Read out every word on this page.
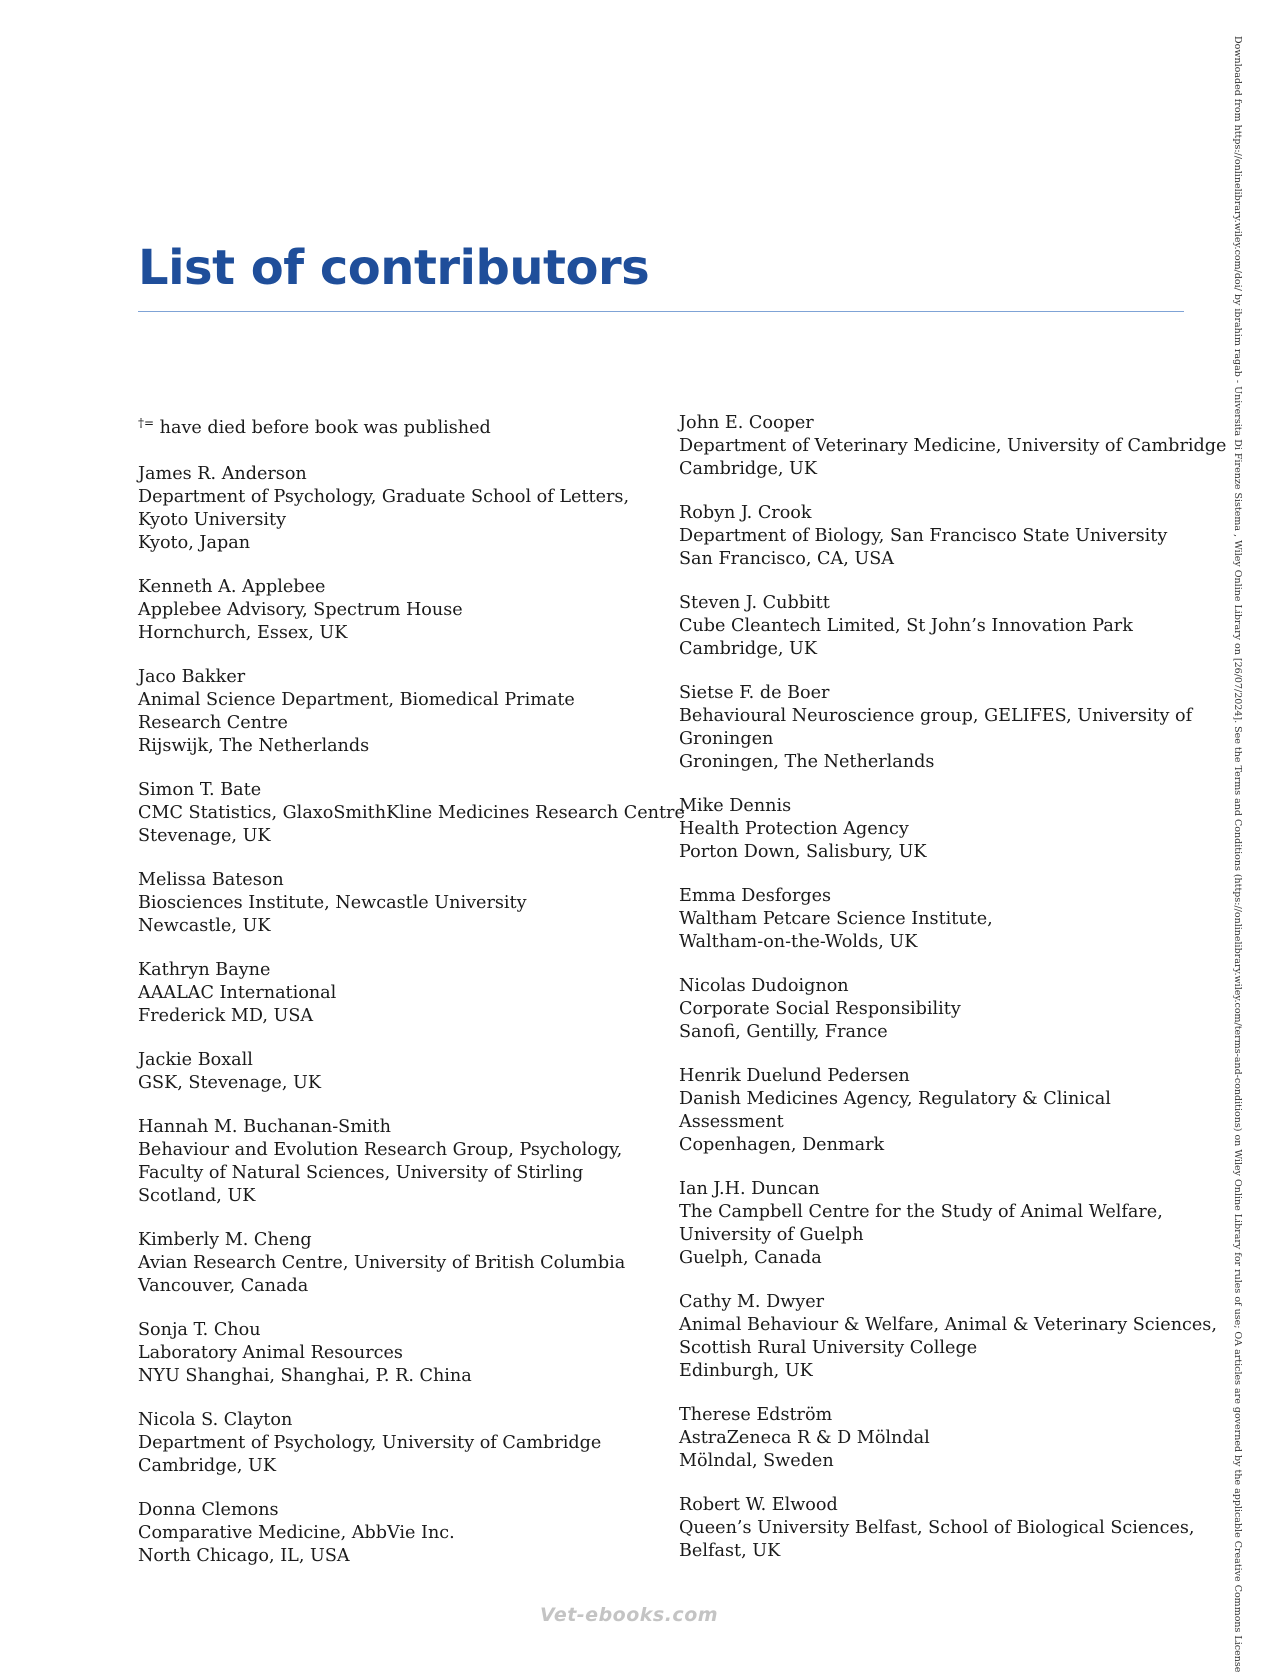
List of contributors
†= have died before book was published
James R. Anderson
Department of Psychology, Graduate School of Letters,
Kyoto University
Kyoto, Japan
Kenneth A. Applebee
Applebee Advisory, Spectrum House
Hornchurch, Essex, UK
Jaco Bakker
Animal Science Department, Biomedical Primate
Research Centre
Rijswijk, The Netherlands
Simon T. Bate
CMC Statistics, GlaxoSmithKline Medicines Research Centre
Stevenage, UK
Melissa Bateson
Biosciences Institute, Newcastle University
Newcastle, UK
Kathryn Bayne
AAALAC International
Frederick MD, USA
Jackie Boxall
GSK, Stevenage, UK
Hannah M. Buchanan-Smith
Behaviour and Evolution Research Group, Psychology,
Faculty of Natural Sciences, University of Stirling
Scotland, UK
Kimberly M. Cheng
Avian Research Centre, University of British Columbia
Vancouver, Canada
Sonja T. Chou
Laboratory Animal Resources
NYU Shanghai, Shanghai, P. R. China
Nicola S. Clayton
Department of Psychology, University of Cambridge
Cambridge, UK
Donna Clemons
Comparative Medicine, AbbVie Inc.
North Chicago, IL, USA
John E. Cooper
Department of Veterinary Medicine, University of Cambridge
Cambridge, UK
Robyn J. Crook
Department of Biology, San Francisco State University
San Francisco, CA, USA
Steven J. Cubbitt
Cube Cleantech Limited, St John’s Innovation Park
Cambridge, UK
Sietse F. de Boer
Behavioural Neuroscience group, GELIFES, University of
Groningen
Groningen, The Netherlands
Mike Dennis
Health Protection Agency
Porton Down, Salisbury, UK
Emma Desforges
Waltham Petcare Science Institute,
Waltham-on-the-Wolds, UK
Nicolas Dudoignon
Corporate Social Responsibility
Sanofi, Gentilly, France
Henrik Duelund Pedersen
Danish Medicines Agency, Regulatory & Clinical
Assessment
Copenhagen, Denmark
Ian J.H. Duncan
The Campbell Centre for the Study of Animal Welfare,
University of Guelph
Guelph, Canada
Cathy M. Dwyer
Animal Behaviour & Welfare, Animal & Veterinary Sciences,
Scottish Rural University College
Edinburgh, UK
Therese Edström
AstraZeneca R & D Mölndal
Mölndal, Sweden
Robert W. Elwood
Queen’s University Belfast, School of Biological Sciences,
Belfast, UK	Downloaded from https://onlinelibrary.wiley.com/doi/ by ibrahim ragab - Universita Di Firenze Sistema , Wiley Online Library on [26/07/2024]. See the Terms and Conditions (https://onlinelibrary.wiley.com/terms-and-conditions) on Wiley Online Library for rules of use; OA articles are governed by the applicable Creative Commons License
Vet-ebooks.com
